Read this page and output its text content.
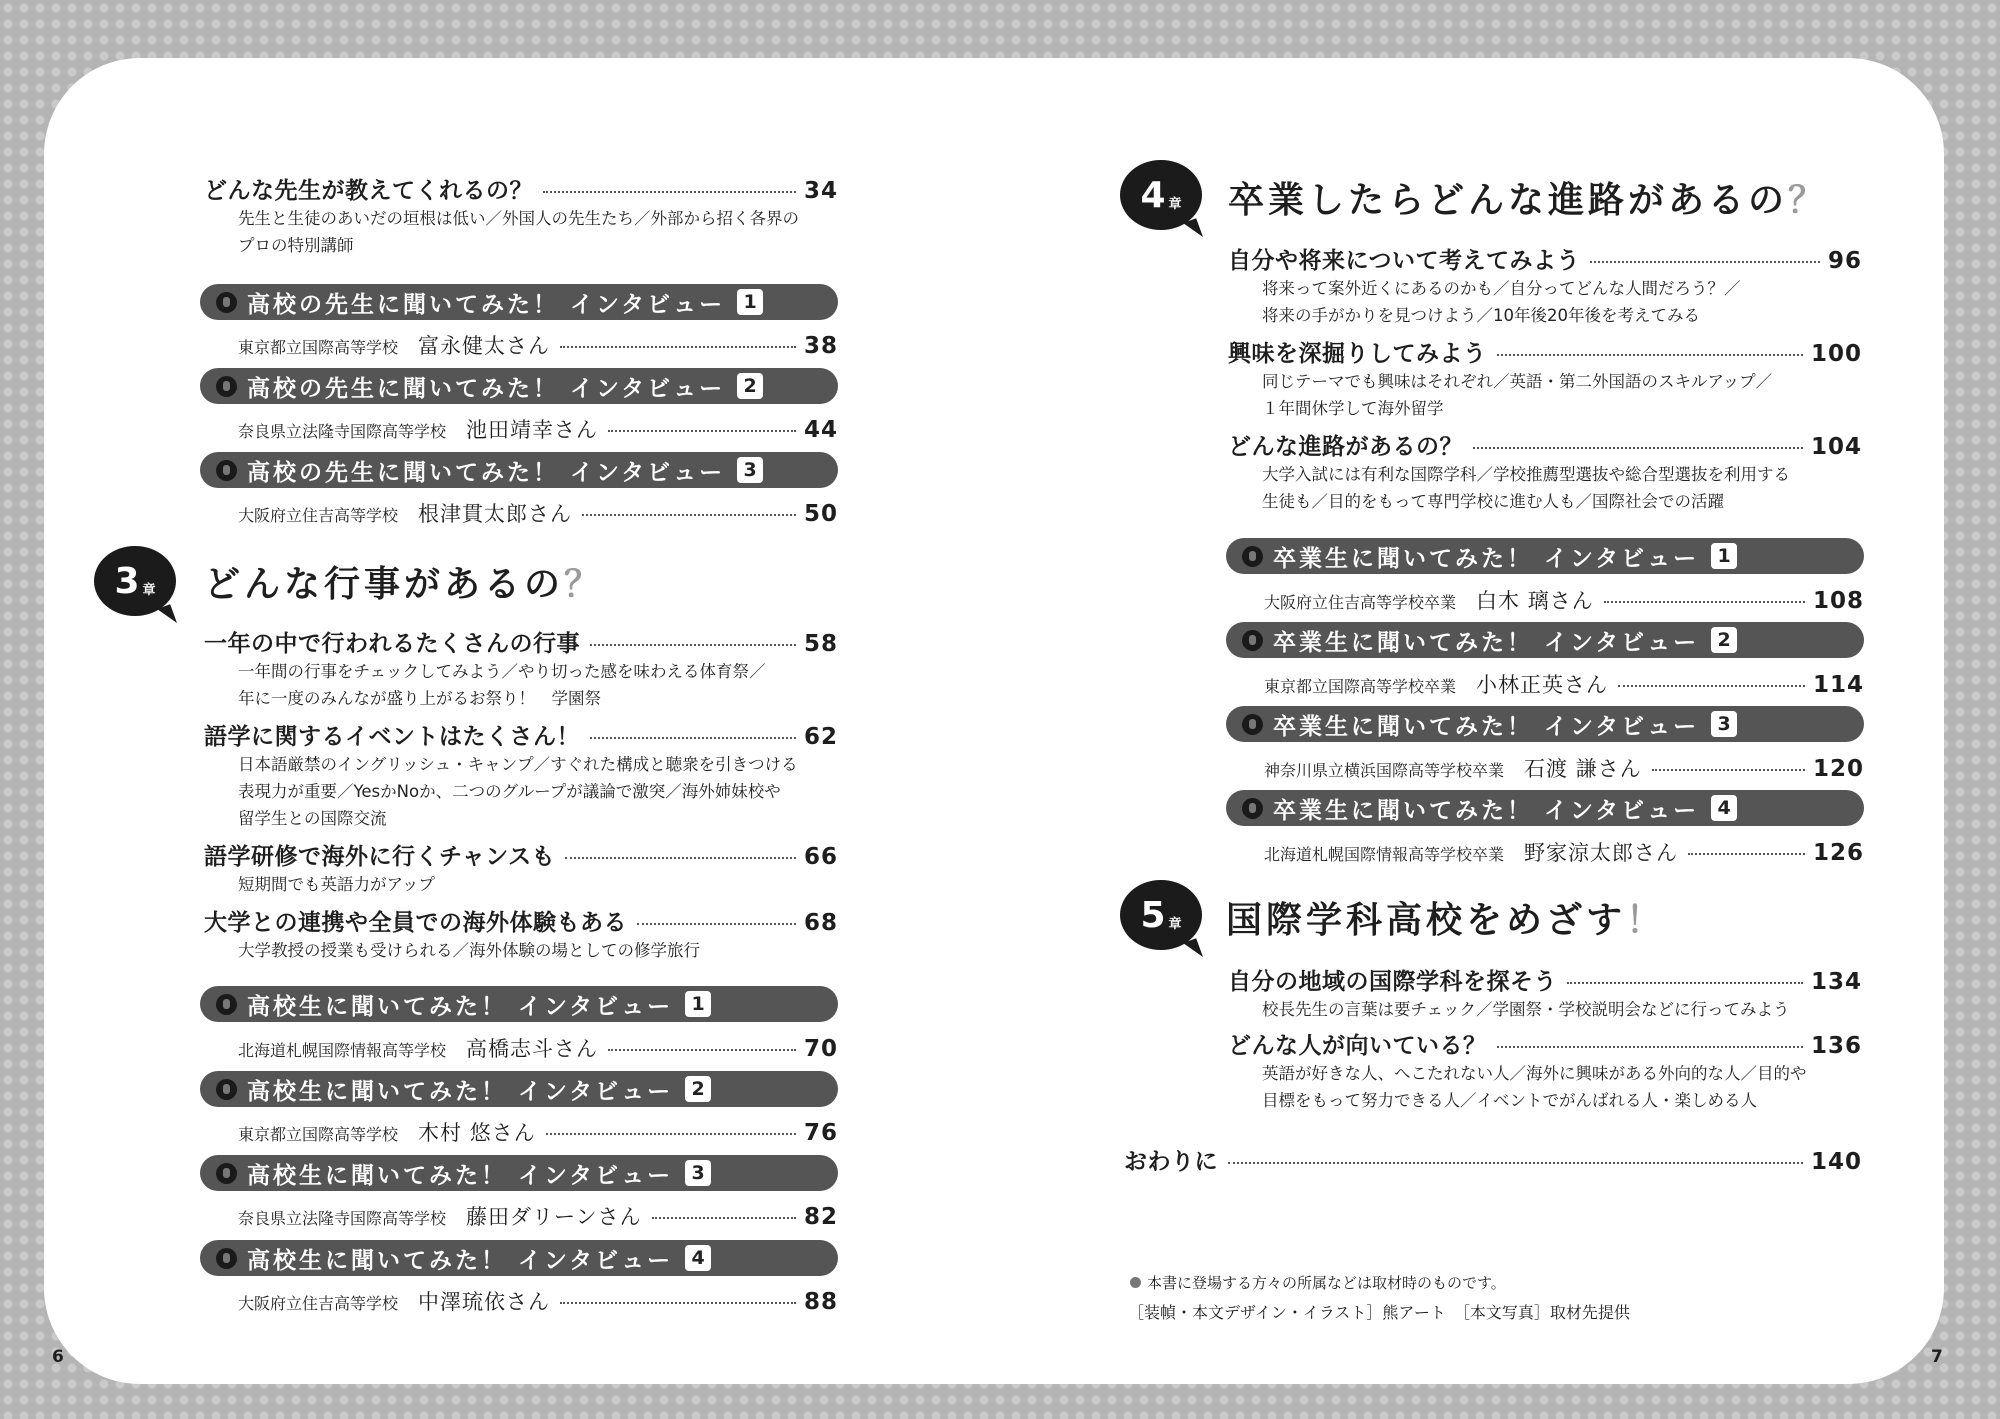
どんな先生が教えてくれるの？	34
先生と生徒のあいだの垣根は低い／外国人の先生たち／外部から招く各界の
プロの特別講師
高校の先生に聞いてみた！ インタビュー 1
東京都立国際高等学校 富永健太さん	38
高校の先生に聞いてみた！ インタビュー 2
奈良県立法隆寺国際高等学校 池田靖幸さん	44
高校の先生に聞いてみた！ インタビュー 3
大阪府立住吉高等学校 根津貫太郎さん	50
3 章 どんな行事があるの？
一年の中で行われるたくさんの行事	58
一年間の行事をチェックしてみよう／やり切った感を味わえる体育祭／
年に一度のみんなが盛り上がるお祭り！　学園祭
語学に関するイベントはたくさん！	62
日本語厳禁のイングリッシュ・キャンプ／すぐれた構成と聴衆を引きつける
表現力が重要／YesかNoか、二つのグループが議論で激突／海外姉妹校や
留学生との国際交流
語学研修で海外に行くチャンスも	66
短期間でも英語力がアップ
大学との連携や全員での海外体験もある	68
大学教授の授業も受けられる／海外体験の場としての修学旅行
高校生に聞いてみた！ インタビュー 1
北海道札幌国際情報高等学校 高橋志斗さん	70
高校生に聞いてみた！ インタビュー 2
東京都立国際高等学校 木村 悠さん	76
高校生に聞いてみた！ インタビュー 3
奈良県立法隆寺国際高等学校 藤田ダリーンさん	82
高校生に聞いてみた！ インタビュー 4
大阪府立住吉高等学校 中澤琉依さん	88
6
4 章 卒業したらどんな進路があるの？
自分や将来について考えてみよう	96
将来って案外近くにあるのかも／自分ってどんな人間だろう？／
将来の手がかりを見つけよう／10年後20年後を考えてみる
興味を深掘りしてみよう	100
同じテーマでも興味はそれぞれ／英語・第二外国語のスキルアップ／
１年間休学して海外留学
どんな進路があるの？	104
大学入試には有利な国際学科／学校推薦型選抜や総合型選抜を利用する
生徒も／目的をもって専門学校に進む人も／国際社会での活躍
卒業生に聞いてみた！ インタビュー 1
大阪府立住吉高等学校卒業 白木 璃さん	108
卒業生に聞いてみた！ インタビュー 2
東京都立国際高等学校卒業 小林正英さん	114
卒業生に聞いてみた！ インタビュー 3
神奈川県立横浜国際高等学校卒業 石渡 謙さん	120
卒業生に聞いてみた！ インタビュー 4
北海道札幌国際情報高等学校卒業 野家涼太郎さん	126
5 章 国際学科高校をめざす！
自分の地域の国際学科を探そう	134
校長先生の言葉は要チェック／学園祭・学校説明会などに行ってみよう
どんな人が向いている？	136
英語が好きな人、へこたれない人／海外に興味がある外向的な人／目的や
目標をもって努力できる人／イベントでがんばれる人・楽しめる人
おわりに	140
本書に登場する方々の所属などは取材時のものです。
［装幀・本文デザイン・イラスト］熊アート　［本文写真］取材先提供
7
